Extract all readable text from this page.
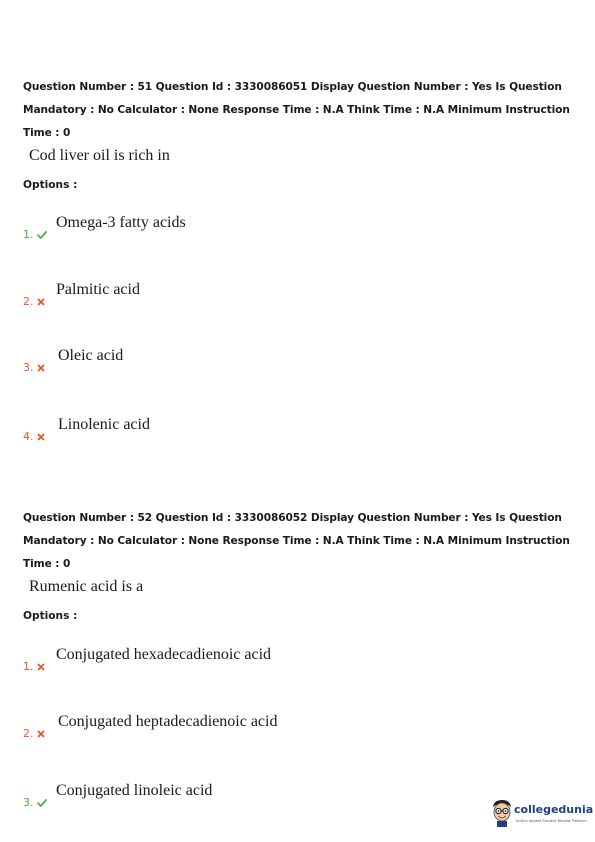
Question Number : 51 Question Id : 3330086051 Display Question Number : Yes Is Question
Mandatory : No Calculator : None Response Time : N.A Think Time : N.A Minimum Instruction
Time : 0
Cod liver oil is rich in
Options :
1.
Omega-3 fatty acids
2.
Palmitic acid
3.
Oleic acid
4.
Linolenic acid
Question Number : 52 Question Id : 3330086052 Display Question Number : Yes Is Question
Mandatory : No Calculator : None Response Time : N.A Think Time : N.A Minimum Instruction
Time : 0
Rumenic acid is a
Options :
1.
Conjugated hexadecadienoic acid
2.
Conjugated heptadecadienoic acid
3.
Conjugated linoleic acid
collegedunia
India's largest Student Review Platform
